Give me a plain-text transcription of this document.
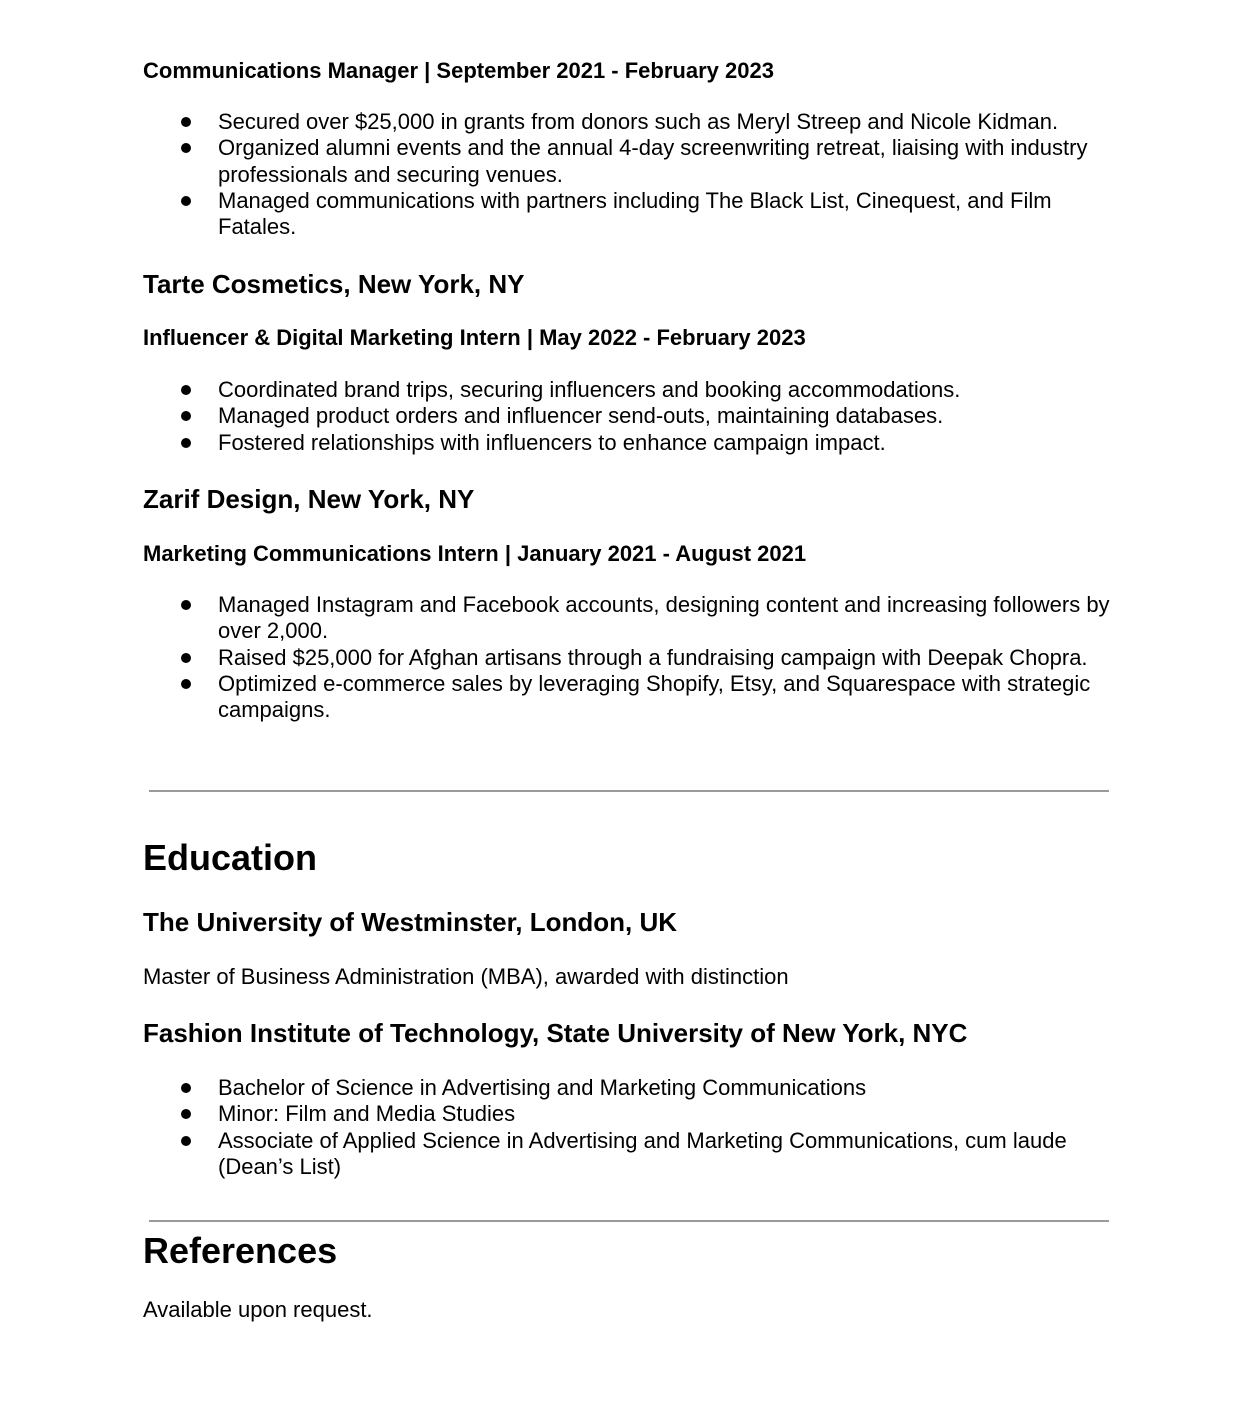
Communications Manager | September 2021 - February 2023
Secured over $25,000 in grants from donors such as Meryl Streep and Nicole Kidman.
Organized alumni events and the annual 4-day screenwriting retreat, liaising with industry professionals and securing venues.
Managed communications with partners including The Black List, Cinequest, and Film Fatales.
Tarte Cosmetics, New York, NY
Influencer & Digital Marketing Intern | May 2022 - February 2023
Coordinated brand trips, securing influencers and booking accommodations.
Managed product orders and influencer send-outs, maintaining databases.
Fostered relationships with influencers to enhance campaign impact.
Zarif Design, New York, NY
Marketing Communications Intern | January 2021 - August 2021
Managed Instagram and Facebook accounts, designing content and increasing followers by over 2,000.
Raised $25,000 for Afghan artisans through a fundraising campaign with Deepak Chopra.
Optimized e-commerce sales by leveraging Shopify, Etsy, and Squarespace with strategic campaigns.
Education
The University of Westminster, London, UK
Master of Business Administration (MBA), awarded with distinction
Fashion Institute of Technology, State University of New York, NYC
Bachelor of Science in Advertising and Marketing Communications
Minor: Film and Media Studies
Associate of Applied Science in Advertising and Marketing Communications, cum laude (Dean’s List)
References
Available upon request.
